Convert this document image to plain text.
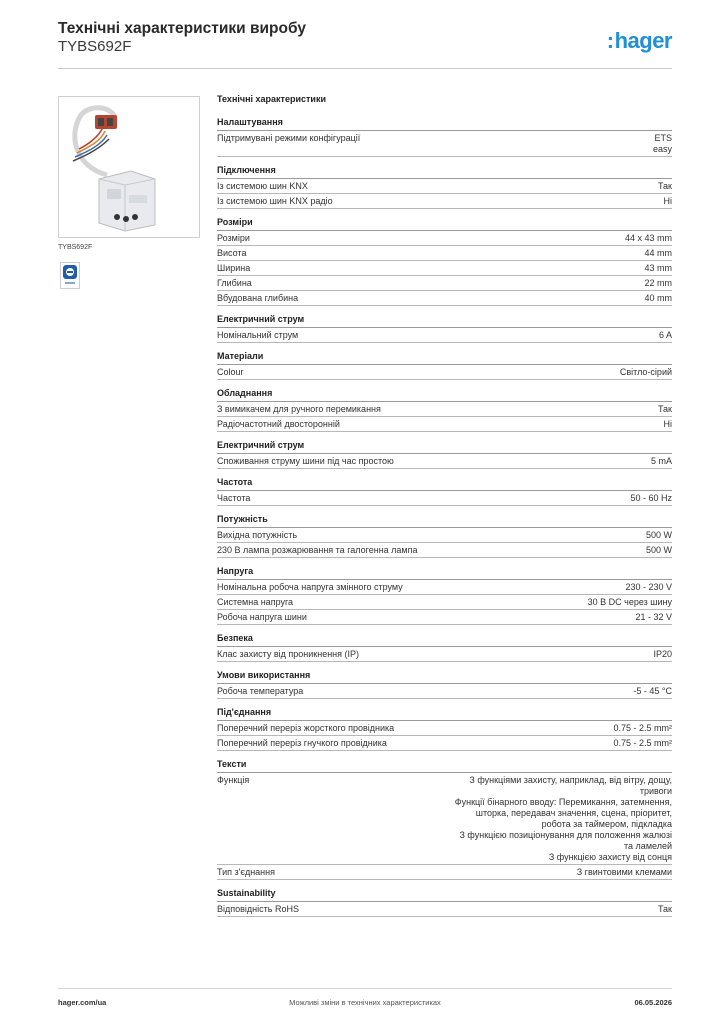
Технічні характеристики виробу
TYBS692F	:hager
TYBS692F
Технічні характеристики
Налаштування
Підтримувані режими конфігурації	ETS
easy
Підключення
Із системою шин KNX	Так
Із системою шин KNX радіо	Ні
Розміри
Розміри	44 x 43 mm
Висота	44 mm
Ширина	43 mm
Глибина	22 mm
Вбудована глибина	40 mm
Електричний струм
Номінальний струм	6 A
Матеріали
Colour	Світло-сірий
Обладнання
З вимикачем для ручного перемикання	Так
Радіочастотний двосторонній	Ні
Електричний струм
Споживання струму шини під час простою	5 mA
Частота
Частота	50 - 60 Hz
Потужність
Вихідна потужність	500 W
230 В лампа розжарювання та галогенна лампа	500 W
Напруга
Номінальна робоча напруга змінного струму	230 - 230 V
Системна напруга	30 В DC через шину
Робоча напруга шини	21 - 32 V
Безпека
Клас захисту від проникнення (IP)	IP20
Умови використання
Робоча температура	-5 - 45 °C
Під'єднання
Поперечний переріз жорсткого провідника	0.75 - 2.5 mm²
Поперечний переріз гнучкого провідника	0.75 - 2.5 mm²
Тексти
Функція	З функціями захисту, наприклад, від вітру, дощу,
тривоги
Функції бінарного вводу: Перемикання, затемнення,
шторка, передавач значення, сцена, пріоритет,
робота за таймером, підкладка
З функцією позиціонування для положення жалюзі
та ламелей
З функцією захисту від сонця
Тип з'єднання	З гвинтовими клемами
Sustainability
Відповідність RoHS	Так
hager.com/ua	Можливі зміни в технічних характеристиках	06.05.2026
